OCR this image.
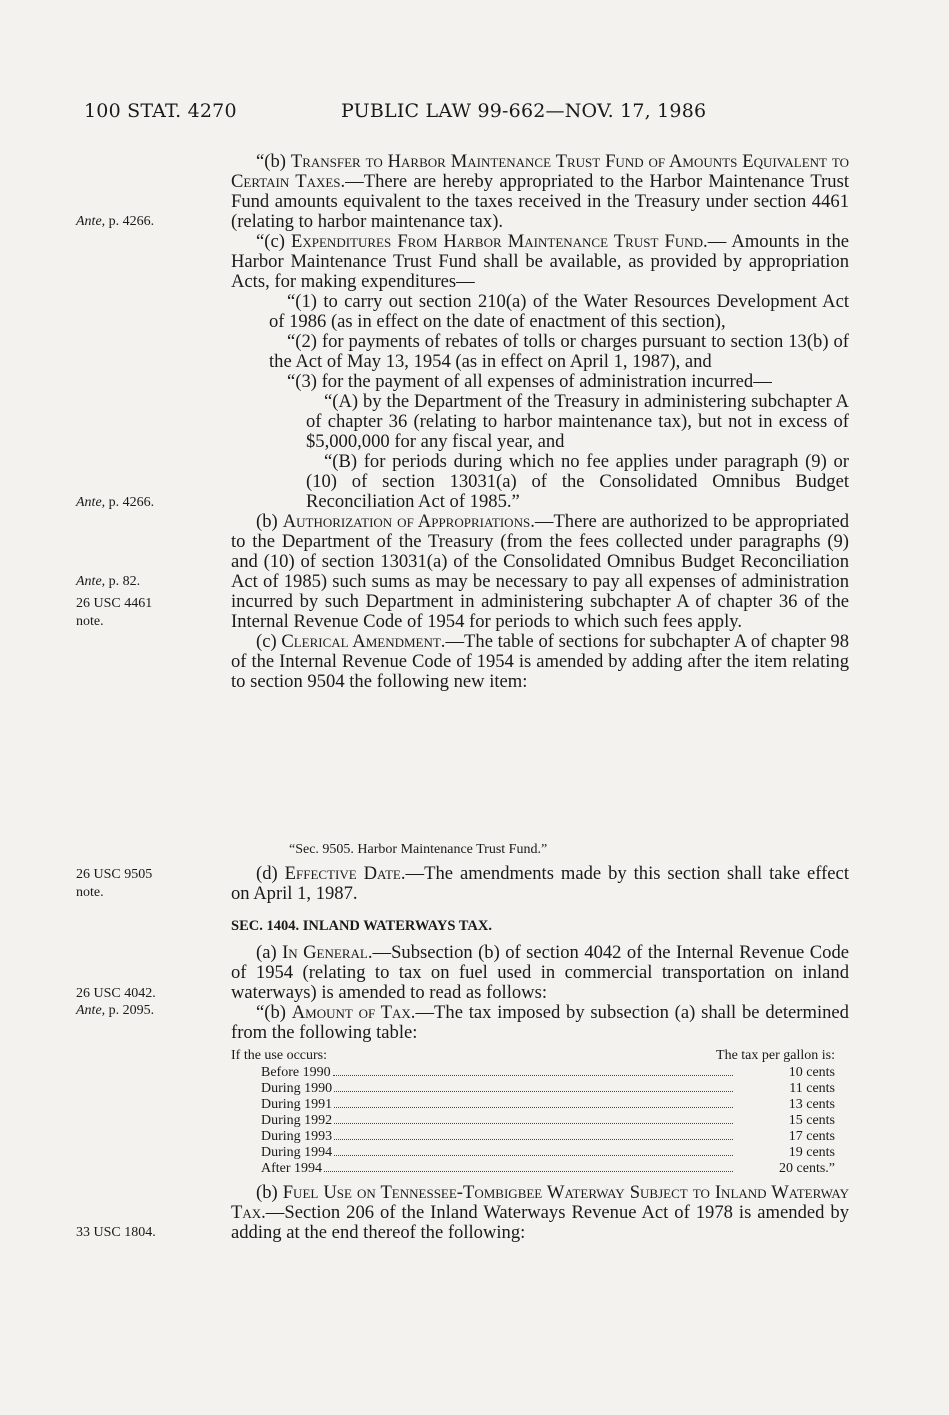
100 STAT. 4270	PUBLIC LAW 99-662—NOV. 17, 1986
Ante, p. 4266.
Ante, p. 4266.
Ante, p. 82.
26 USC 4461
note.
26 USC 9505
note.
26 USC 4042.
Ante, p. 2095.
33 USC 1804.

“(b) Transfer to Harbor Maintenance Trust Fund of Amounts Equivalent to Certain Taxes.—There are hereby appropriated to the Harbor Maintenance Trust Fund amounts equivalent to the taxes received in the Treasury under section 4461 (relating to harbor maintenance tax).

“(c) Expenditures From Harbor Maintenance Trust Fund.— Amounts in the Harbor Maintenance Trust Fund shall be available, as provided by appropriation Acts, for making expenditures—

“(1) to carry out section 210(a) of the Water Resources Development Act of 1986 (as in effect on the date of enactment of this section),

“(2) for payments of rebates of tolls or charges pursuant to section 13(b) of the Act of May 13, 1954 (as in effect on April 1, 1987), and

“(3) for the payment of all expenses of administration incurred—

“(A) by the Department of the Treasury in administering subchapter A of chapter 36 (relating to harbor maintenance tax), but not in excess of $5,000,000 for any fiscal year, and

“(B) for periods during which no fee applies under paragraph (9) or (10) of section 13031(a) of the Consolidated Omnibus Budget Reconciliation Act of 1985.”

(b) Authorization of Appropriations.—There are authorized to be appropriated to the Department of the Treasury (from the fees collected under paragraphs (9) and (10) of section 13031(a) of the Consolidated Omnibus Budget Reconciliation Act of 1985) such sums as may be necessary to pay all expenses of administration incurred by such Department in administering subchapter A of chapter 36 of the Internal Revenue Code of 1954 for periods to which such fees apply.

(c) Clerical Amendment.—The table of sections for subchapter A of chapter 98 of the Internal Revenue Code of 1954 is amended by adding after the item relating to section 9504 the following new item:

“Sec. 9505. Harbor Maintenance Trust Fund.”

(d) Effective Date.—The amendments made by this section shall take effect on April 1, 1987.

SEC. 1404. INLAND WATERWAYS TAX.

(a) In General.—Subsection (b) of section 4042 of the Internal Revenue Code of 1954 (relating to tax on fuel used in commercial transportation on inland waterways) is amended to read as follows:

“(b) Amount of Tax.—The tax imposed by subsection (a) shall be determined from the following table:

If the use occurs:	The tax per gallon is:
Before 1990	10 cents
During 1990	11 cents
During 1991	13 cents
During 1992	15 cents
During 1993	17 cents
During 1994	19 cents
After 1994	20 cents.”

(b) Fuel Use on Tennessee-Tombigbee Waterway Subject to Inland Waterway Tax.—Section 206 of the Inland Waterways Revenue Act of 1978 is amended by adding at the end thereof the following:
